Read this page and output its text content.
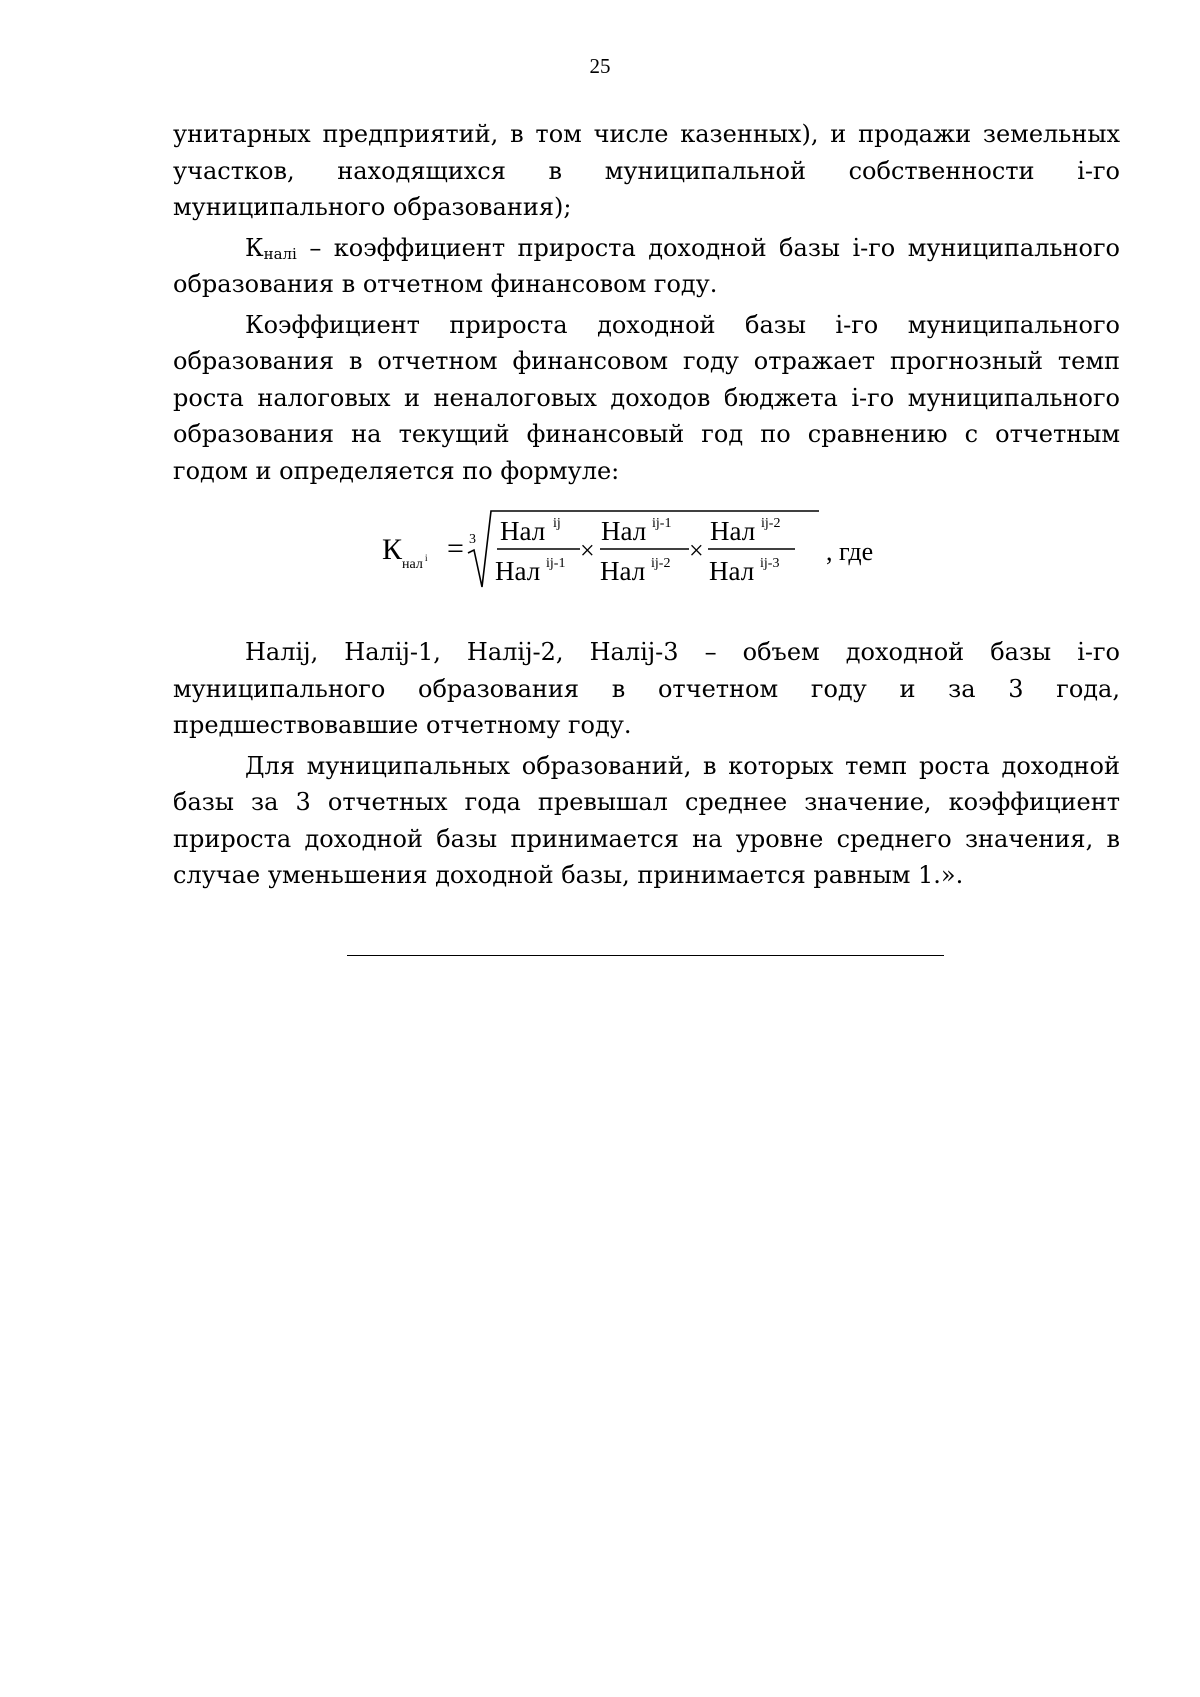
25

унитарных предприятий, в том числе казенных), и продажи земельных участков, находящихся в муниципальной собственности i-го муниципального образования);

$К_{налi}$ – коэффициент прироста доходной базы i-го муниципального образования в отчетном финансовом году.

Коэффициент прироста доходной базы i-го муниципального образования в отчетном финансовом году отражает прогнозный темп роста налоговых и неналоговых доходов бюджета i-го муниципального образования на текущий финансовый год по сравнению с отчетным годом и определяется по формуле:

К нал i = 3 Нал ij
Нал ij-1 ×
Нал ij-1
Нал ij-2 ×
Нал ij-2
Нал ij-3 , где

Налij, Налij-1, Налij-2, Налij-3 – объем доходной базы i-го муниципального образования в отчетном году и за 3 года, предшествовавшие отчетному году.

Для муниципальных образований, в которых темп роста доходной базы за 3 отчетных года превышал среднее значение, коэффициент прироста доходной базы принимается на уровне среднего значения, в случае уменьшения доходной базы, принимается равным 1.».
